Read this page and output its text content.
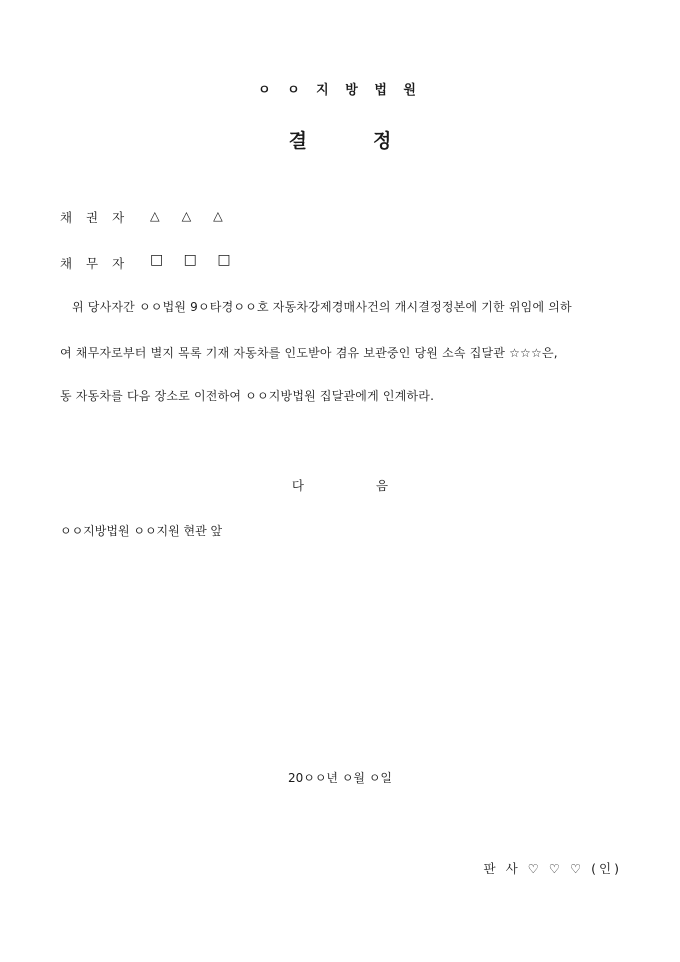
ㅇ ㅇ 지 방 법 원
결	정
채 권 자 △ △ △
채 무 자 □ □ □
위 당사자간 ㅇㅇ법원 9ㅇ타경ㅇㅇ호 자동차강제경매사건의 개시결정정본에 기한 위임에 의하
여 채무자로부터 별지 목록 기재 자동차를 인도받아 겸유 보관중인 당원 소속 집달관 ☆☆☆은,
동 자동차를 다음 장소로 이전하여 ㅇㅇ지방법원 집달관에게 인계하라.
다	음
ㅇㅇ지방법원 ㅇㅇ지원 현관 앞
20ㅇㅇ년 ㅇ월 ㅇ일
판 사 ♡ ♡ ♡ (인)
